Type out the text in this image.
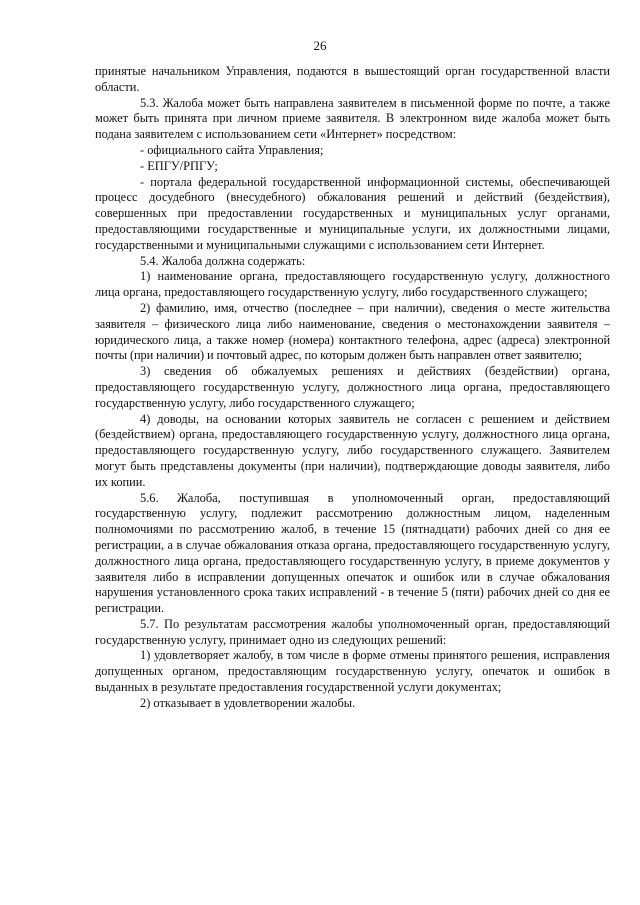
26

принятые начальником Управления, подаются в вышестоящий орган государственной власти области.

5.3. Жалоба может быть направлена заявителем в письменной форме по почте, а также может быть принята при личном приеме заявителя. В электронном виде жалоба может быть подана заявителем с использованием сети «Интернет» посредством:

- официального сайта Управления;

- ЕПГУ/РПГУ;

- портала федеральной государственной информационной системы, обеспечивающей процесс досудебного (внесудебного) обжалования решений и действий (бездействия), совершенных при предоставлении государственных и муниципальных услуг органами, предоставляющими государственные и муниципальные услуги, их должностными лицами, государственными и муниципальными служащими с использованием сети Интернет.

5.4. Жалоба должна содержать:

1) наименование органа, предоставляющего государственную услугу, должностного лица органа, предоставляющего государственную услугу, либо государственного служащего;

2) фамилию, имя, отчество (последнее – при наличии), сведения о месте жительства заявителя – физического лица либо наименование, сведения о местонахождении заявителя – юридического лица, а также номер (номера) контактного телефона, адрес (адреса) электронной почты (при наличии) и почтовый адрес, по которым должен быть направлен ответ заявителю;

3) сведения об обжалуемых решениях и действиях (бездействии) органа, предоставляющего государственную услугу, должностного лица органа, предоставляющего государственную услугу, либо государственного служащего;

4) доводы, на основании которых заявитель не согласен с решением и действием (бездействием) органа, предоставляющего государственную услугу, должностного лица органа, предоставляющего государственную услугу, либо государственного служащего. Заявителем могут быть представлены документы (при наличии), подтверждающие доводы заявителя, либо их копии.

5.6. Жалоба, поступившая в уполномоченный орган, предоставляющий государственную услугу, подлежит рассмотрению должностным лицом, наделенным полномочиями по рассмотрению жалоб, в течение 15 (пятнадцати) рабочих дней со дня ее регистрации, а в случае обжалования отказа органа, предоставляющего государственную услугу, должностного лица органа, предоставляющего государственную услугу, в приеме документов у заявителя либо в исправлении допущенных опечаток и ошибок или в случае обжалования нарушения установленного срока таких исправлений - в течение 5 (пяти) рабочих дней со дня ее регистрации.

5.7. По результатам рассмотрения жалобы уполномоченный орган, предоставляющий государственную услугу, принимает одно из следующих решений:

1) удовлетворяет жалобу, в том числе в форме отмены принятого решения, исправления допущенных органом, предоставляющим государственную услугу, опечаток и ошибок в выданных в результате предоставления государственной услуги документах;

2) отказывает в удовлетворении жалобы.
